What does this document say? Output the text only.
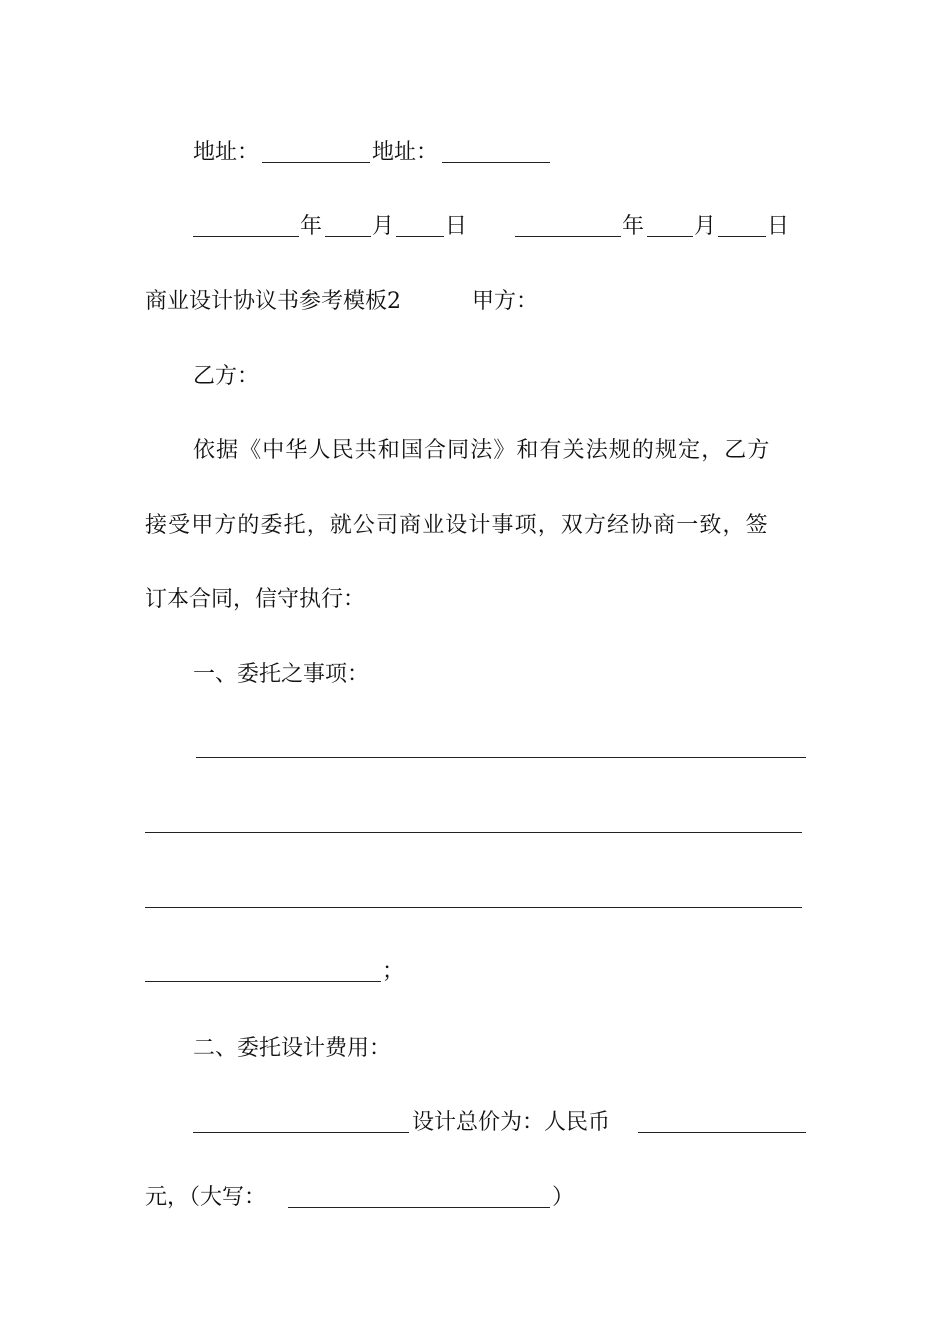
地址：	地址：
年 月 日	年 月 日
商业设计协议书参考模板2	甲方：
乙方：
依据《中华人民共和国合同法》和有关法规的规定，乙方
接受甲方的委托，就公司商业设计事项，双方经协商一致，签
订本合同，信守执行：
一、委托之事项：
；
二、委托设计费用：
设计总价为：人民币
元，（大写：	）
